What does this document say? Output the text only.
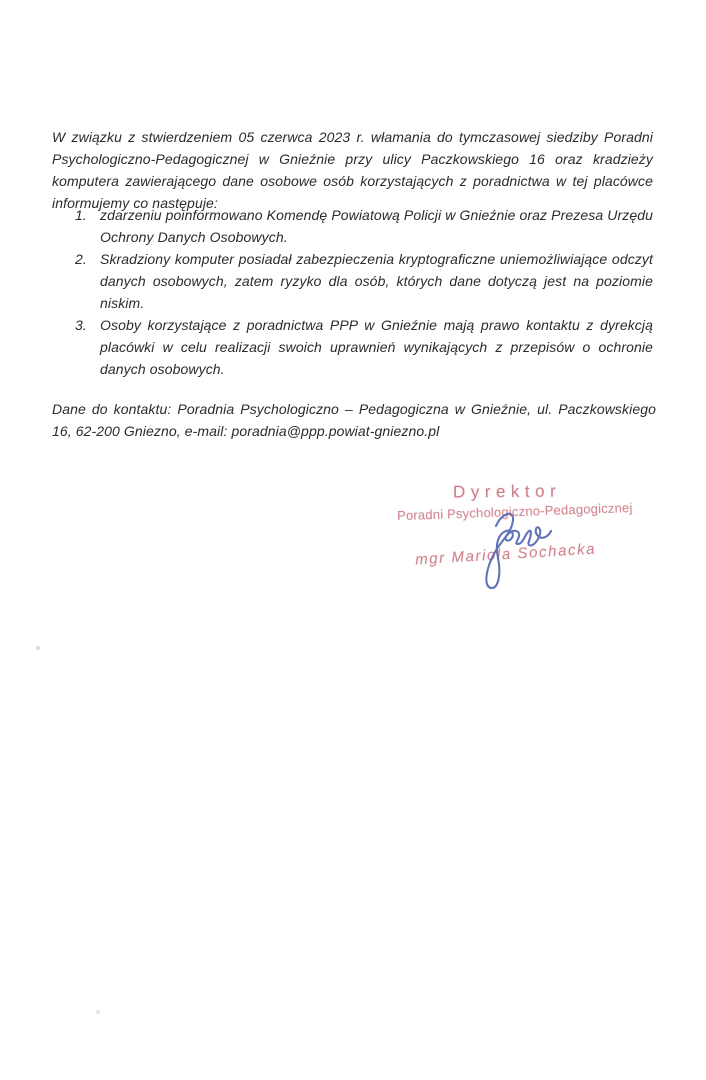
W związku z stwierdzeniem 05 czerwca 2023 r. włamania do tymczasowej siedziby Poradni Psychologiczno-Pedagogicznej w Gnieźnie przy ulicy Paczkowskiego 16 oraz kradzieży komputera zawierającego dane osobowe osób korzystających z poradnictwa w tej placówce informujemy co następuje:

1. zdarzeniu poinformowano Komendę Powiatową Policji w Gnieźnie oraz Prezesa Urzędu Ochrony Danych Osobowych.
2. Skradziony komputer posiadał zabezpieczenia kryptograficzne uniemożliwiające odczyt danych osobowych, zatem ryzyko dla osób, których dane dotyczą jest na poziomie niskim.
3. Osoby korzystające z poradnictwa PPP w Gnieźnie mają prawo kontaktu z dyrekcją placówki w celu realizacji swoich uprawnień wynikających z przepisów o ochronie danych osobowych.

Dane do kontaktu: Poradnia Psychologiczno – Pedagogiczna w Gnieźnie, ul. Paczkowskiego 16, 62-200 Gniezno, e-mail: poradnia@ppp.powiat-gniezno.pl

Dyrektor
Poradni Psychologiczno-Pedagogicznej
mgr Mariola Sochacka
